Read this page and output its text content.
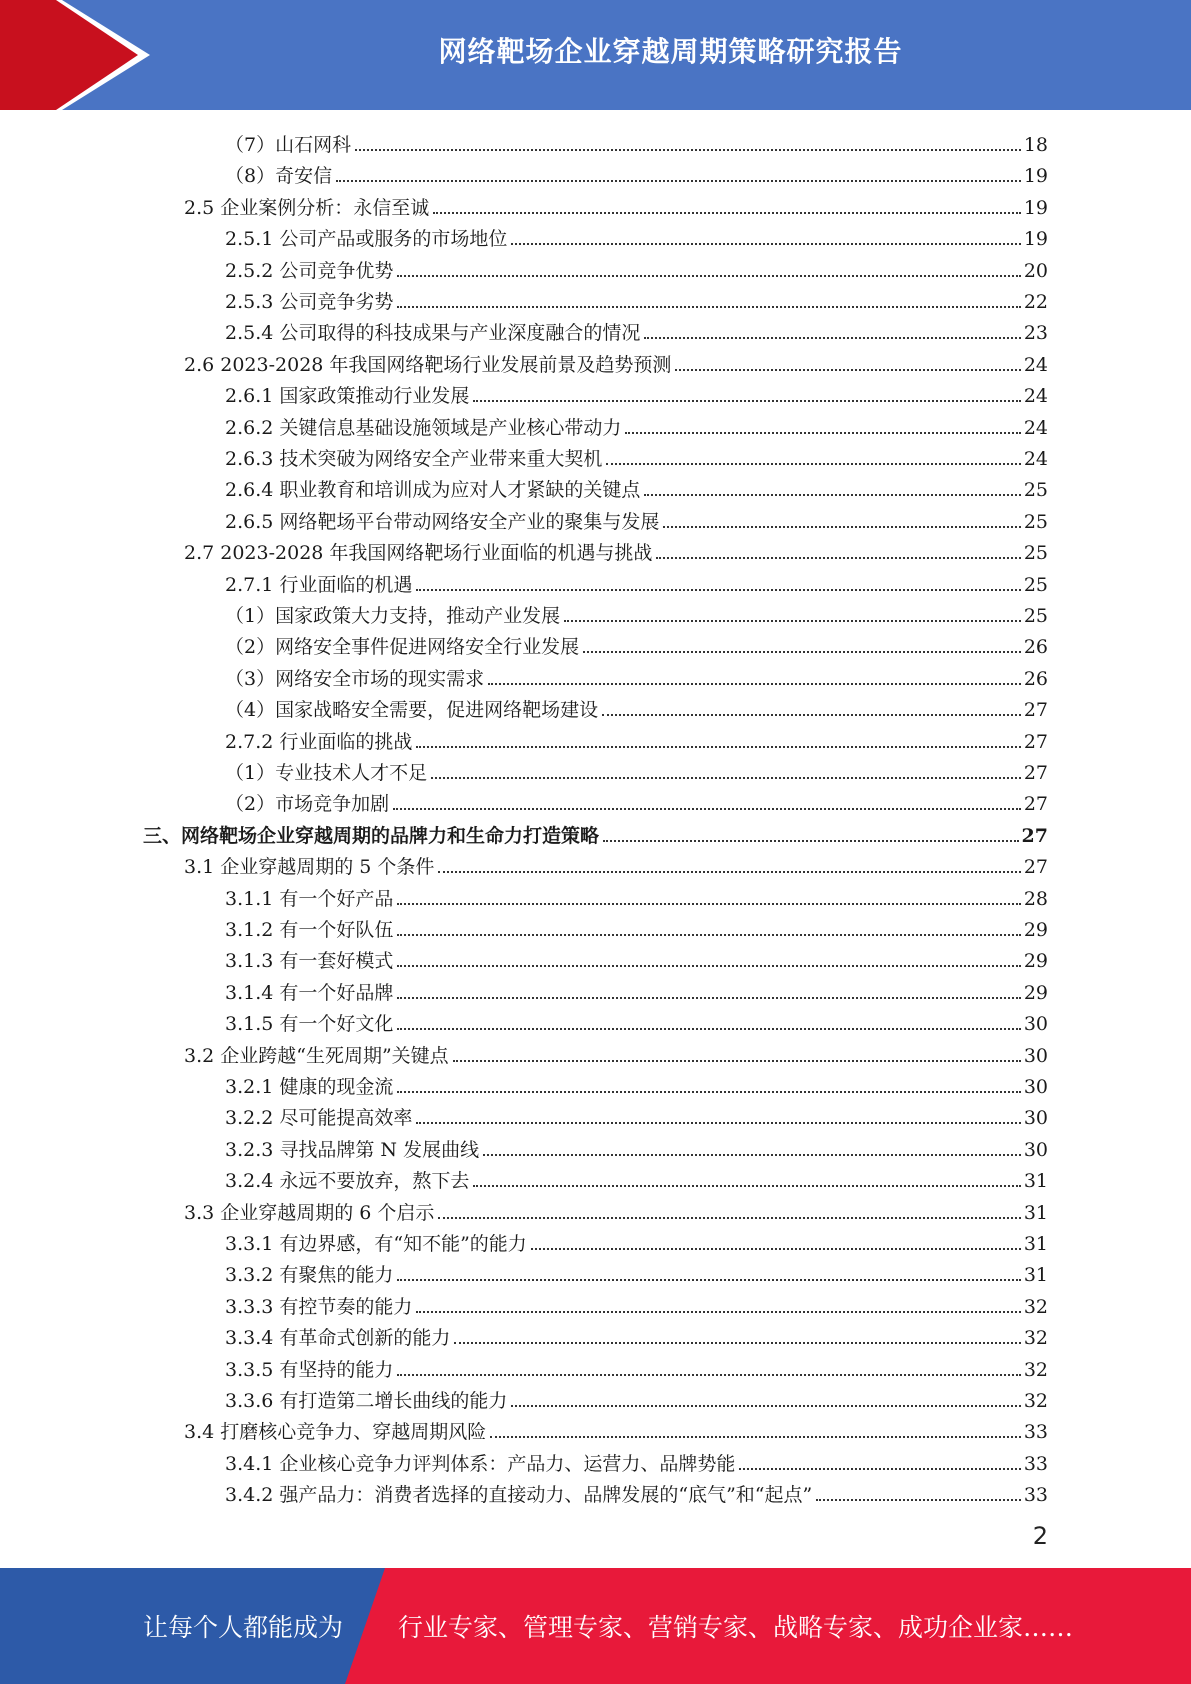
网络靶场企业穿越周期策略研究报告
（7）山石网科	18
（8）奇安信	19
2.5 企业案例分析：永信至诚	19
2.5.1 公司产品或服务的市场地位	19
2.5.2 公司竞争优势	20
2.5.3 公司竞争劣势	22
2.5.4 公司取得的科技成果与产业深度融合的情况	23
2.6 2023-2028 年我国网络靶场行业发展前景及趋势预测	24
2.6.1 国家政策推动行业发展	24
2.6.2 关键信息基础设施领域是产业核心带动力	24
2.6.3 技术突破为网络安全产业带来重大契机	24
2.6.4 职业教育和培训成为应对人才紧缺的关键点	25
2.6.5 网络靶场平台带动网络安全产业的聚集与发展	25
2.7 2023-2028 年我国网络靶场行业面临的机遇与挑战	25
2.7.1 行业面临的机遇	25
（1）国家政策大力支持，推动产业发展	25
（2）网络安全事件促进网络安全行业发展	26
（3）网络安全市场的现实需求	26
（4）国家战略安全需要，促进网络靶场建设	27
2.7.2 行业面临的挑战	27
（1）专业技术人才不足	27
（2）市场竞争加剧	27
三、网络靶场企业穿越周期的品牌力和生命力打造策略	27
3.1 企业穿越周期的 5 个条件	27
3.1.1 有一个好产品	28
3.1.2 有一个好队伍	29
3.1.3 有一套好模式	29
3.1.4 有一个好品牌	29
3.1.5 有一个好文化	30
3.2 企业跨越“生死周期”关键点	30
3.2.1 健康的现金流	30
3.2.2 尽可能提高效率	30
3.2.3 寻找品牌第 N 发展曲线	30
3.2.4 永远不要放弃，熬下去	31
3.3 企业穿越周期的 6 个启示	31
3.3.1 有边界感，有“知不能”的能力	31
3.3.2 有聚焦的能力	31
3.3.3 有控节奏的能力	32
3.3.4 有革命式创新的能力	32
3.3.5 有坚持的能力	32
3.3.6 有打造第二增长曲线的能力	32
3.4 打磨核心竞争力、穿越周期风险	33
3.4.1 企业核心竞争力评判体系：产品力、运营力、品牌势能	33
3.4.2 强产品力：消费者选择的直接动力、品牌发展的“底气”和“起点”	33
2
让每个人都能成为 行业专家、管理专家、营销专家、战略专家、成功企业家……
